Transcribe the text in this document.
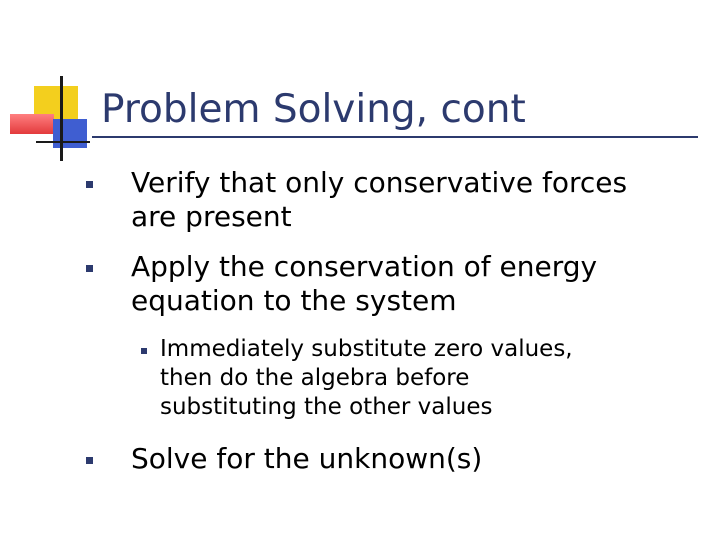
Problem Solving, cont
Verify that only conservative forces
are present
Apply the conservation of energy
equation to the system
Immediately substitute zero values,
then do the algebra before
substituting the other values
Solve for the unknown(s)
